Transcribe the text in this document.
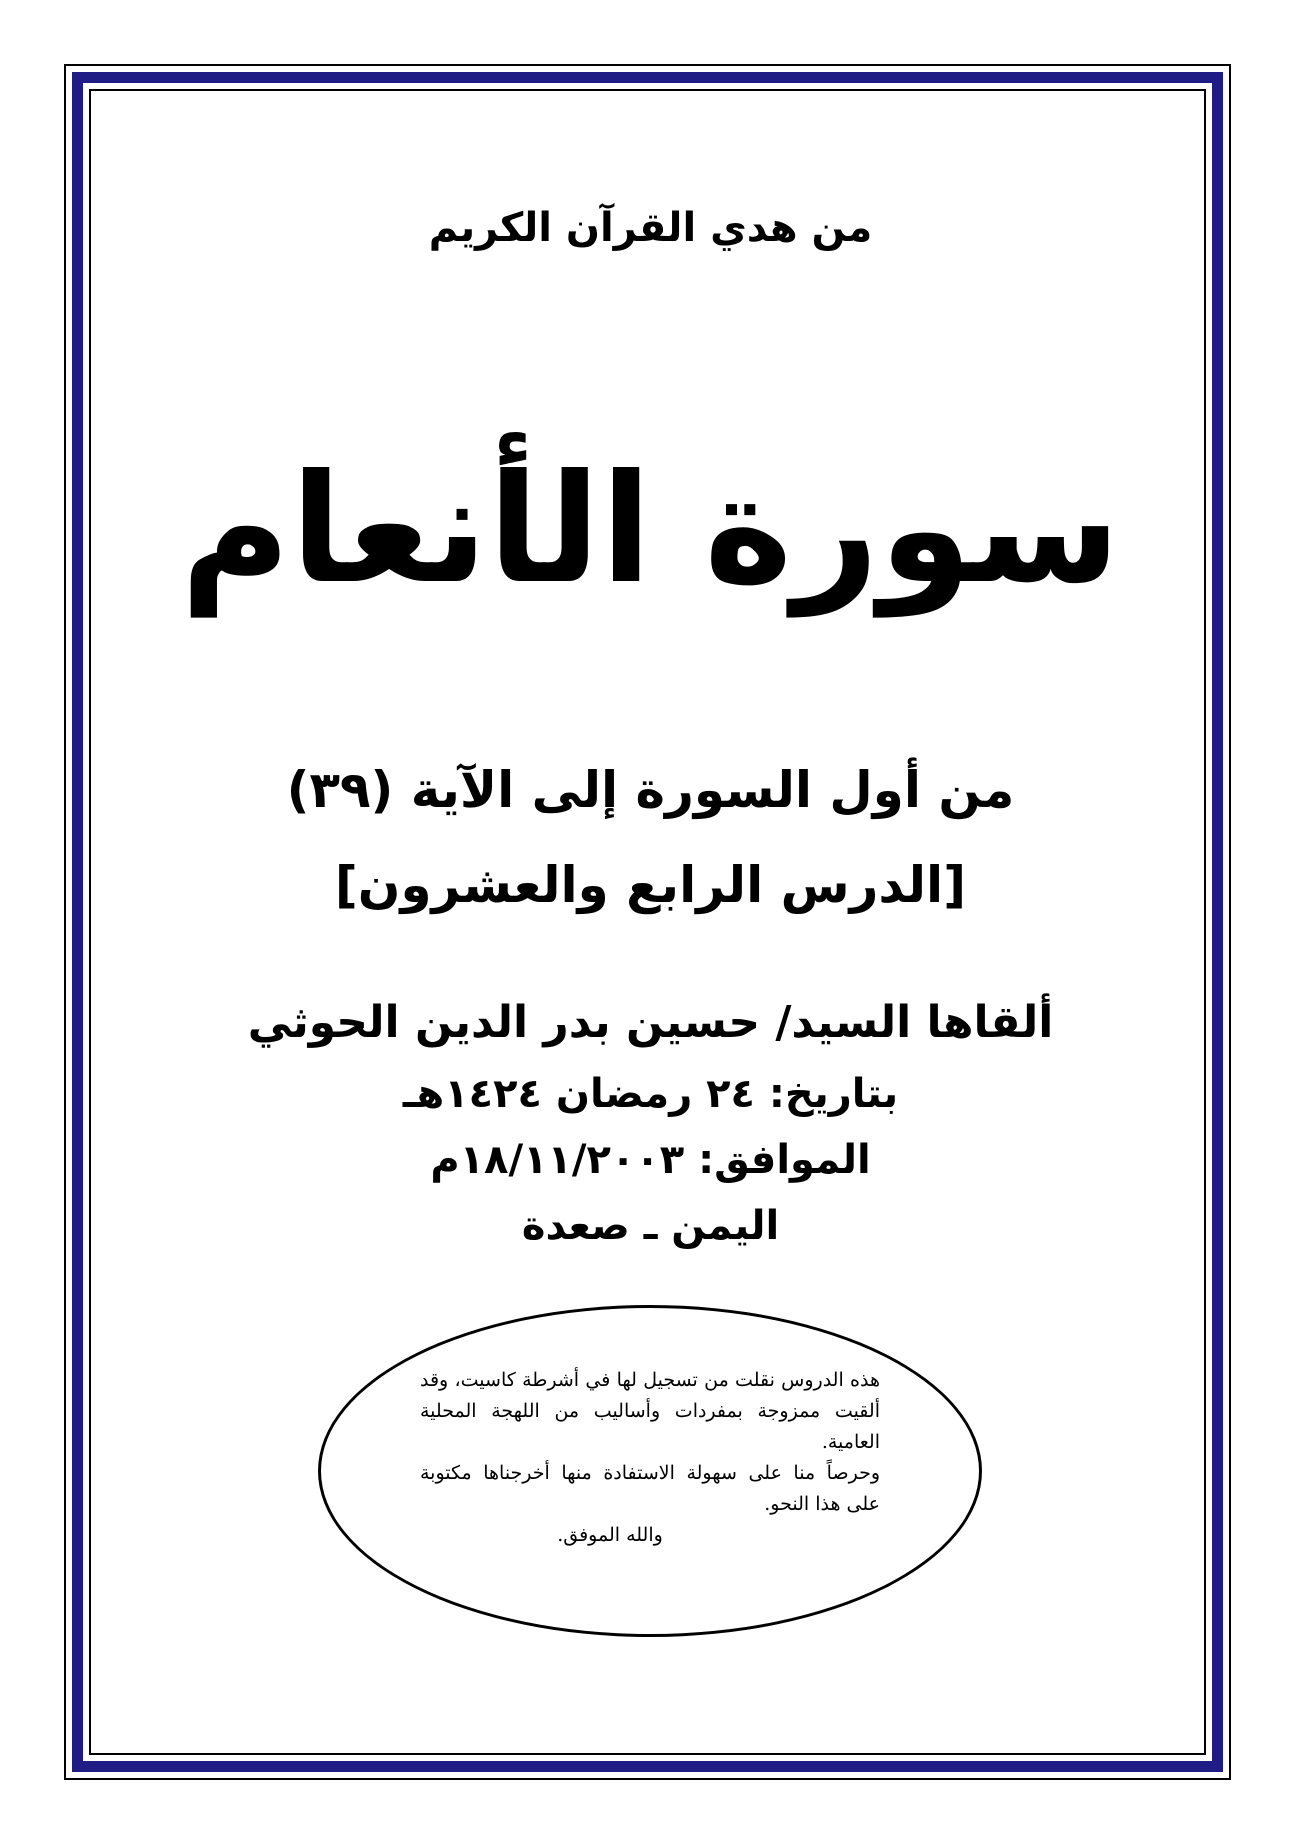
من هدي القرآن الكريم
سورة الأنعام
من أول السورة إلى الآية (٣٩)
[الدرس الرابع والعشرون]
ألقاها السيد/ حسين بدر الدين الحوثي
بتاريخ: ٢٤ رمضان ١٤٢٤هـ
الموافق: ١٨/١١/٢٠٠٣م
اليمن ـ صعدة

هذه الدروس نقلت من تسجيل لها في أشرطة كاسيت، وقد ألقيت ممزوجة بمفردات وأساليب من اللهجة المحلية العامية.

وحرصاً منا على سهولة الاستفادة منها أخرجناها مكتوبة على هذا النحو.

والله الموفق.
